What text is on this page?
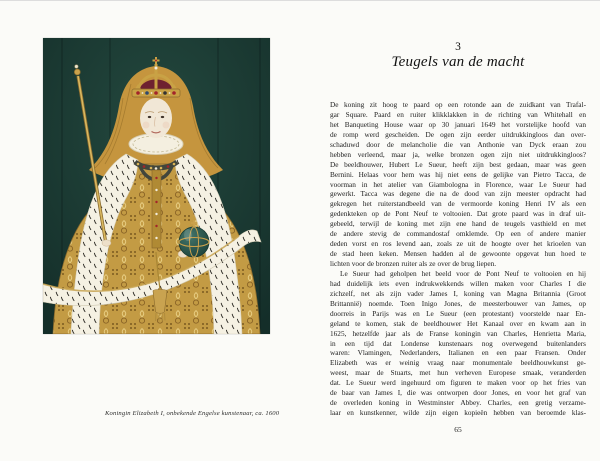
Koningin Elizabeth I, onbekende Engelse kunstenaar, ca. 1600
3
Teugels van de macht
De koning zit hoog te paard op een rotonde aan de zuidkant van Trafal-
gar Square. Paard en ruiter klikklakken in de richting van Whitehall en
het Banqueting House waar op 30 januari 1649 het vorstelijke hoofd van
de romp werd gescheiden. De ogen zijn eerder uitdrukkingloos dan over-
schaduwd door de melancholie die van Anthonie van Dyck eraan zou
hebben verleend, maar ja, welke bronzen ogen zijn niet uitdrukkingloos?
De beeldhouwer, Hubert Le Sueur, heeft zijn best gedaan, maar was geen
Bernini. Helaas voor hem was hij niet eens de gelijke van Pietro Tacca, de
voorman in het atelier van Giambologna in Florence, waar Le Sueur had
gewerkt. Tacca was degene die na de dood van zijn meester opdracht had
gekregen het ruiterstandbeeld van de vermoorde koning Henri IV als een
gedenkteken op de Pont Neuf te voltooien. Dat grote paard was in draf uit-
gebeeld, terwijl de koning met zijn ene hand de teugels vasthield en met
de andere stevig de commandostaf omklemde. Op een of andere manier
deden vorst en ros levend aan, zoals ze uit de hoogte over het krioelen van
de stad heen keken. Mensen hadden al de gewoonte opgevat hun hoed te
lichten voor de bronzen ruiter als ze over de brug liepen.
Le Sueur had geholpen het beeld voor de Pont Neuf te voltooien en hij
had duidelijk iets even indrukwekkends willen maken voor Charles I die
zichzelf, net als zijn vader James I, koning van Magna Britannia (Groot
Brittannië) noemde. Toen Inigo Jones, de meesterbouwer van James, op
doorreis in Parijs was en Le Sueur (een protestant) voorstelde naar En-
geland te komen, stak de beeldhouwer Het Kanaal over en kwam aan in
1625, hetzelfde jaar als de Franse koningin van Charles, Henrietta Maria,
in een tijd dat Londense kunstenaars nog overwegend buitenlanders
waren: Vlamingen, Nederlanders, Italianen en een paar Fransen. Onder
Elizabeth was er weinig vraag naar monumentale beeldhouwkunst ge-
weest, maar de Stuarts, met hun verheven Europese smaak, veranderden
dat. Le Sueur werd ingehuurd om figuren te maken voor op het fries van
de baar van James I, die was ontworpen door Jones, en voor het graf van
de overleden koning in Westminster Abbey. Charles, een gretig verzame-
laar en kunstkenner, wilde zijn eigen kopieën hebben van beroemde klas-
65
